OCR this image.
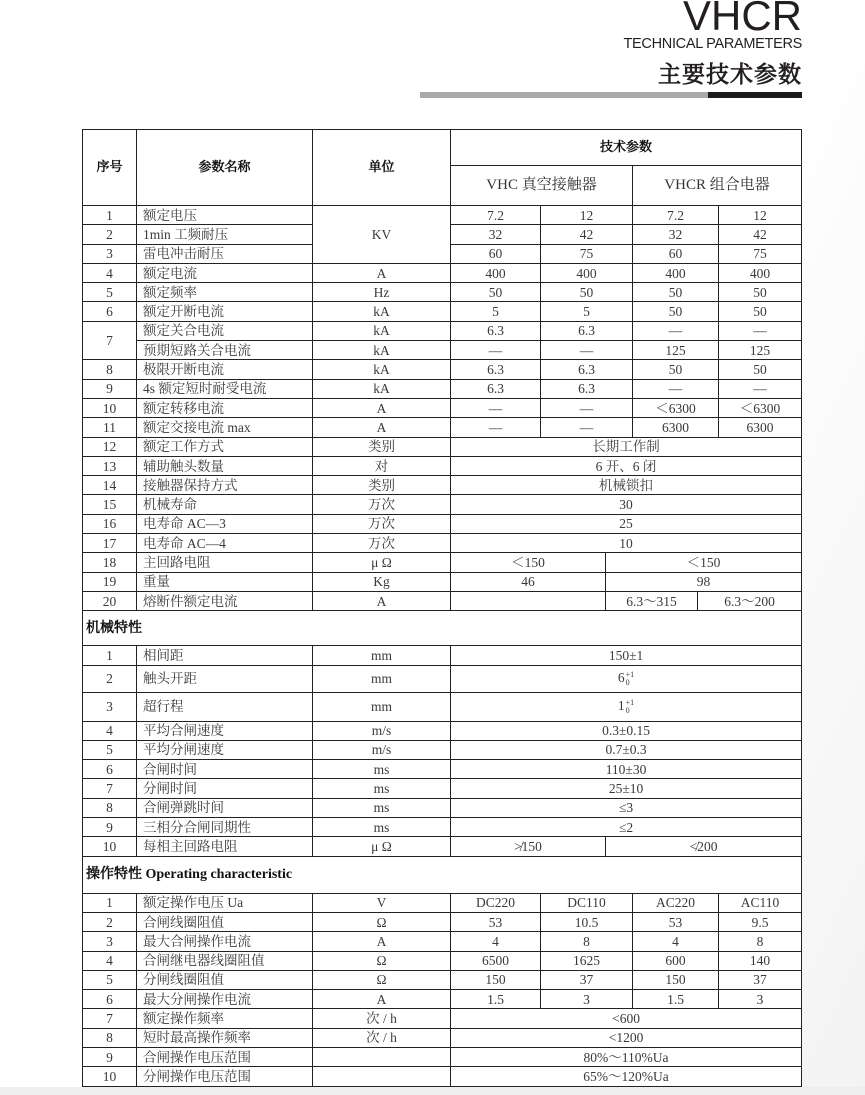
VHCR
TECHNICAL PARAMETERS
主要技术参数
序号	参数名称	单位	技术参数					
			VHC 真空接触器			VHCR 组合电器		
1	额定电压	KV	7.2	12		7.2		12
2	1min 工频耐压		32	42		32		42
3	雷电冲击耐压		60	75		60		75
4	额定电流	A	400	400		400		400
5	额定频率	Hz	50	50		50		50
6	额定开断电流	kA	5	5		50		50
7	额定关合电流	kA	6.3	6.3		—		—
	预期短路关合电流	kA	—	—		125		125
8	极限开断电流	kA	6.3	6.3		50		50
9	4s 额定短时耐受电流	kA	6.3	6.3		—		—
10	额定转移电流	A	—	—		＜6300		＜6300
11	额定交接电流 max	A	—	—		6300		6300
12	额定工作方式	类别	长期工作制					
13	辅助触头数量	对	6 开、6 闭					
14	接触器保持方式	类别	机械锁扣					
15	机械寿命	万次	30					
16	电寿命 AC—3	万次	25					
17	电寿命 AC—4	万次	10					
18	主回路电阻	μ Ω	＜150		＜150			
19	重量	Kg	46		98			
20	熔断件额定电流	A			6.3～315		6.3～200	
机械特性								
1	相间距	mm	150±1					
2	触头开距	mm	6+1
0					
3	超行程	mm	1+1
0					
4	平均合闸速度	m/s	0.3±0.15					
5	平均分闸速度	m/s	0.7±0.3					
6	合闸时间	ms	110±30					
7	分闸时间	ms	25±10					
8	合闸弹跳时间	ms	≤3					
9	三相分合闸同期性	ms	≤2					
10	每相主回路电阻	μ Ω	≯150		≮200			
操作特性 Operating characteristic								
1	额定操作电压 Ua	V	DC220	DC110		AC220		AC110
2	合闸线圈阻值	Ω	53	10.5		53		9.5
3	最大合闸操作电流	A	4	8		4		8
4	合闸继电器线圈阻值	Ω	6500	1625		600		140
5	分闸线圈阻值	Ω	150	37		150		37
6	最大分闸操作电流	A	1.5	3		1.5		3
7	额定操作频率	次 / h	<600					
8	短时最高操作频率	次 / h	<1200					
9	合闸操作电压范围		80%～110%Ua					
10	分闸操作电压范围		65%～120%Ua					
